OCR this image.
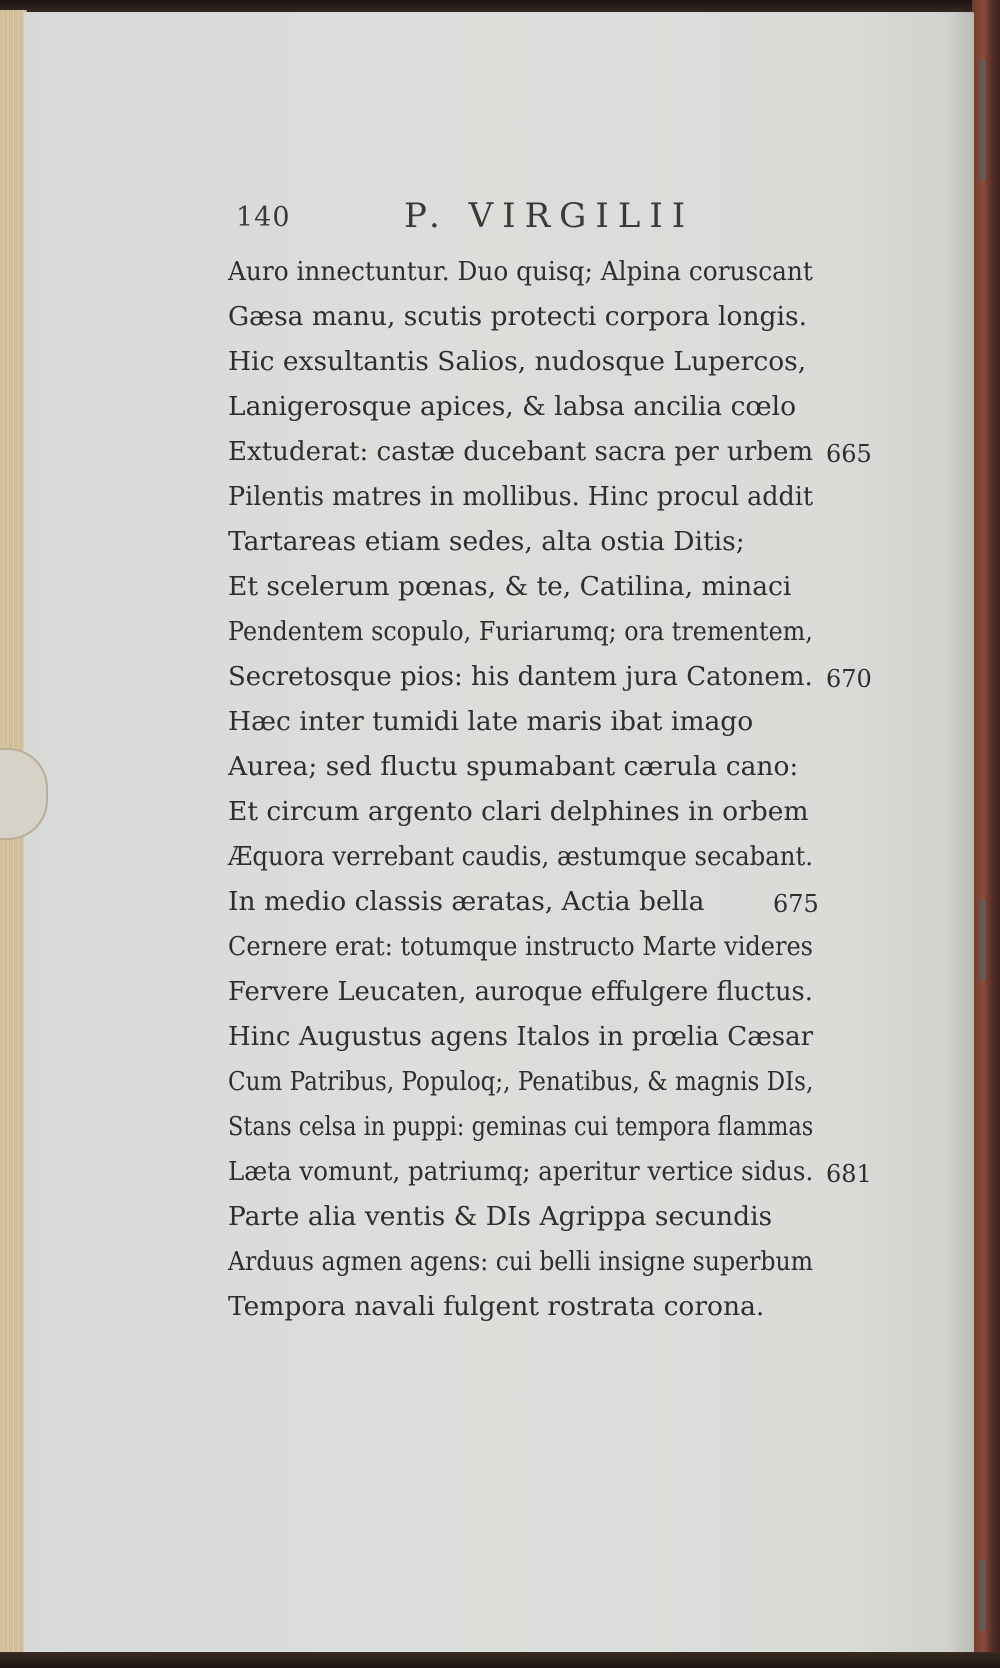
140	P. VIRGILII
Auro innectuntur. Duo quisq; Alpina coruscant
Gæsa manu, scutis protecti corpora longis.
Hic exsultantis Salios, nudosque Lupercos,
Lanigerosque apices, & labsa ancilia cœlo
Extuderat: castæ ducebant sacra per urbem 665
Pilentis matres in mollibus. Hinc procul addit
Tartareas etiam sedes, alta ostia Ditis;
Et scelerum pœnas, & te, Catilina, minaci
Pendentem scopulo, Furiarumq; ora trementem,
Secretosque pios: his dantem jura Catonem. 670
Hæc inter tumidi late maris ibat imago
Aurea; sed fluctu spumabant cærula cano:
Et circum argento clari delphines in orbem
Æquora verrebant caudis, æstumque secabant.
In medio classis æratas, Actia bella	675
Cernere erat: totumque instructo Marte videres
Fervere Leucaten, auroque effulgere fluctus.
Hinc Augustus agens Italos in prœlia Cæsar
Cum Patribus, Populoq;, Penatibus, & magnis DIs,
Stans celsa in puppi: geminas cui tempora flammas
Læta vomunt, patriumq; aperitur vertice sidus. 681
Parte alia ventis & DIs Agrippa secundis
Arduus agmen agens: cui belli insigne superbum
Tempora navali fulgent rostrata corona.
